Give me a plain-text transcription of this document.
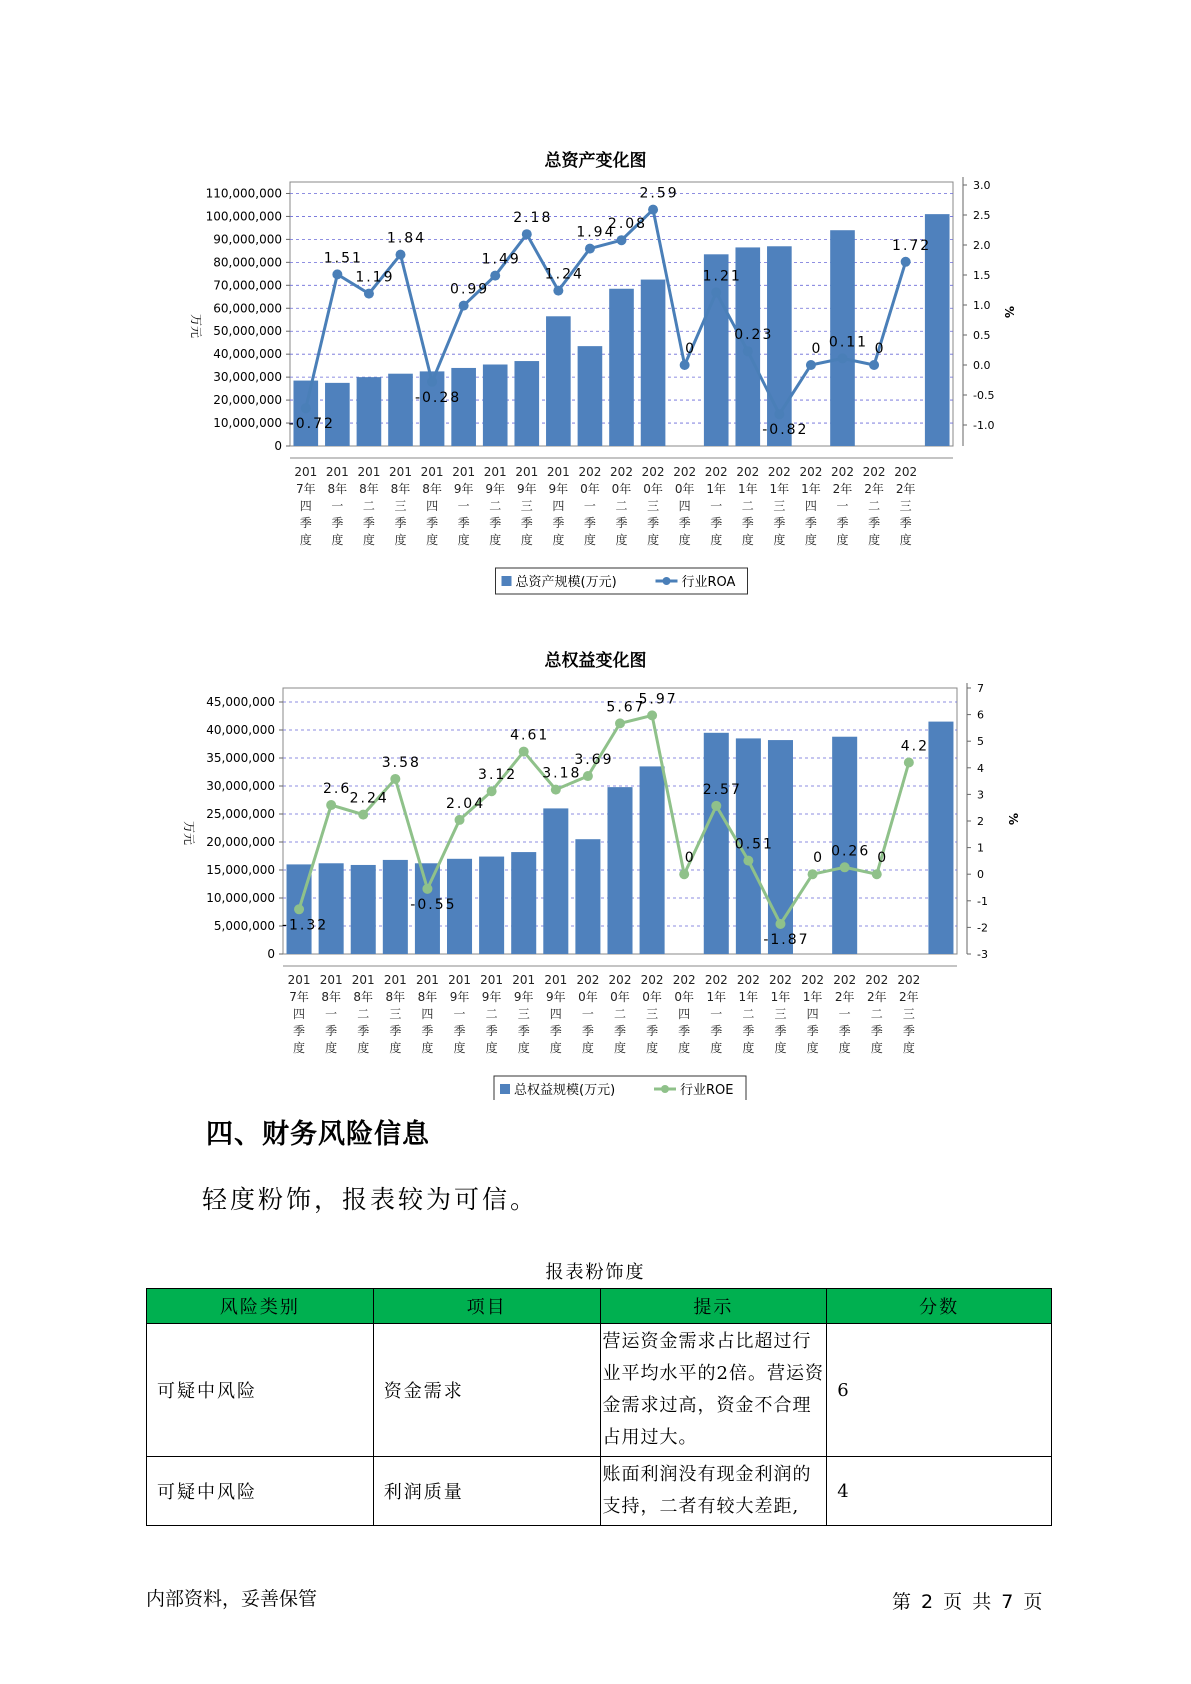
总资产变化图
0
10,000,000
20,000,000
30,000,000
40,000,000
50,000,000
60,000,000
70,000,000
80,000,000
90,000,000
100,000,000
110,000,000
-1.0
-0.5
0.0
0.5
1.0
1.5
2.0
2.5
3.0
万元
%
-0.72
1.51
1.19
1.84
-0.28
0.99
1.49
2.18
1.24
1.94
2.08
2.59
0
1.21
0.23
-0.82
0 0.11 0
1.72
201
7年
四
季
度
201
8年
一
季
度
201
8年
二
季
度
201
8年
三
季
度
201
8年
四
季
度
201
9年
一
季
度
201
9年
二
季
度
201
9年
三
季
度
201
9年
四
季
度
202
0年
一
季
度
202
0年
二
季
度
202
0年
三
季
度
202
0年
四
季
度
202
1年
一
季
度
202
1年
二
季
度
202
1年
三
季
度
202
1年
四
季
度
202
2年
一
季
度
202
2年
二
季
度
202
2年
三
季
度
总资产规模(万元)	行业ROA
总权益变化图
0
5,000,000
10,000,000
15,000,000
20,000,000
25,000,000
30,000,000
35,000,000
40,000,000
45,000,000
-3
-2
-1
0
1
2
3
4
5
6
7
万元
%
-1.32
2.6
2.24
3.58
-0.55
2.04
3.12
4.61
3.18
3.69
5.67
5.97
0
2.57
0.51
-1.87
0 0.26 0
4.2
201
7年
四
季
度
201
8年
一
季
度
201
8年
二
季
度
201
8年
三
季
度
201
8年
四
季
度
201
9年
一
季
度
201
9年
二
季
度
201
9年
三
季
度
201
9年
四
季
度
202
0年
一
季
度
202
0年
二
季
度
202
0年
三
季
度
202
0年
四
季
度
202
1年
一
季
度
202
1年
二
季
度
202
1年
三
季
度
202
1年
四
季
度
202
2年
一
季
度
202
2年
二
季
度
202
2年
三
季
度
总权益规模(万元)	行业ROE
四、财务风险信息
轻度粉饰，报表较为可信。
报表粉饰度
风险类别	项目	提示	分数
可疑中风险	资金需求	营运资金需求占比超过行业平均水平的2倍。营运资金需求过高，资金不合理占用过大。	6
可疑中风险	利润质量	账面利润没有现金利润的支持，二者有较大差距,	4
内部资料，妥善保管	第 2 页 共 7 页
